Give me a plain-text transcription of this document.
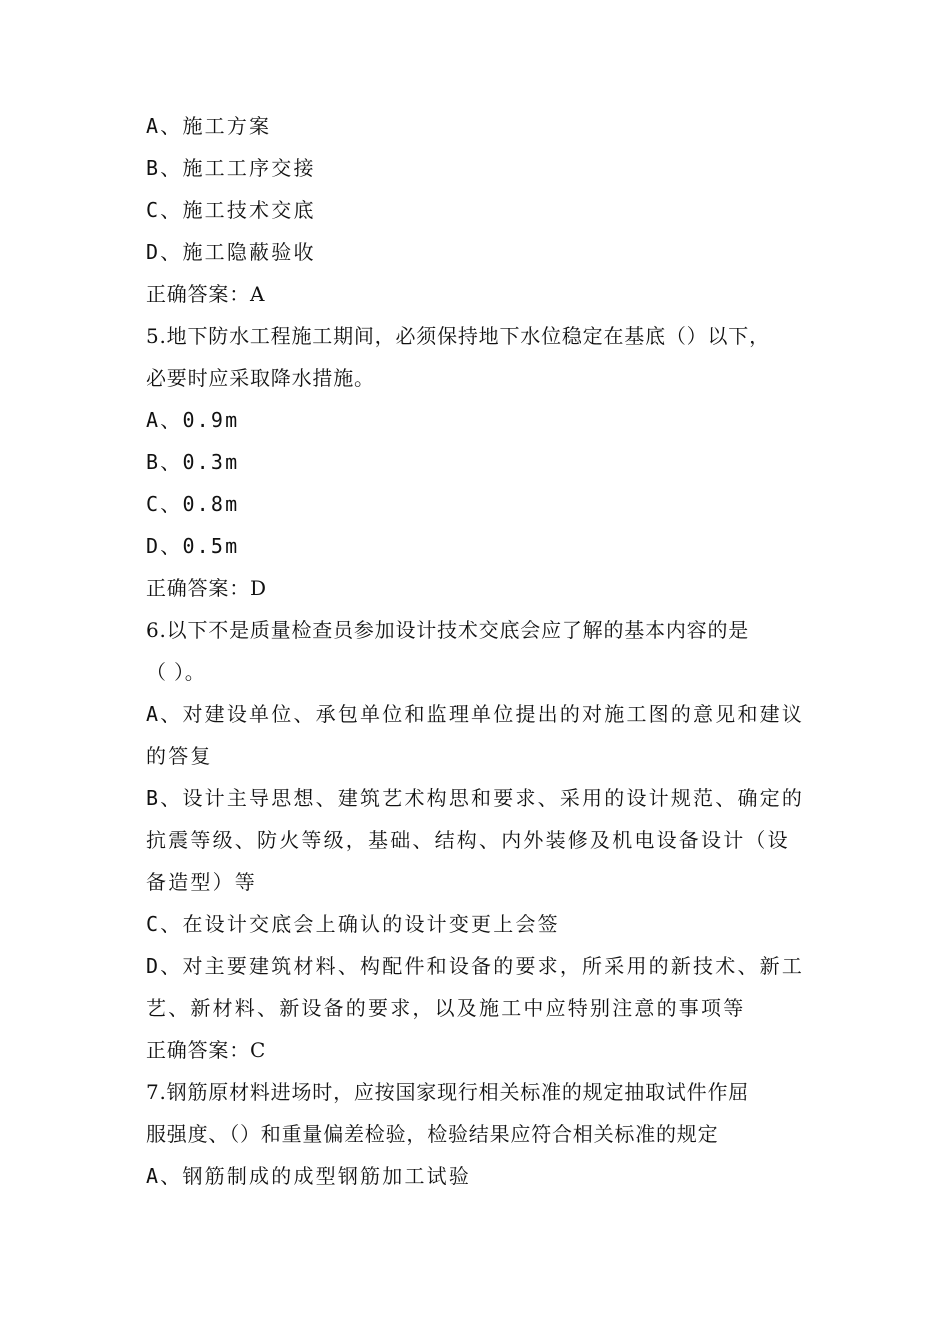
A、施工方案
B、施工工序交接
C、施工技术交底
D、施工隐蔽验收
正确答案：A
5.地下防水工程施工期间，必须保持地下水位稳定在基底（）以下，
必要时应采取降水措施。
A、0.9m
B、0.3m
C、0.8m
D、0.5m
正确答案：D
6.以下不是质量检查员参加设计技术交底会应了解的基本内容的是
（ ）。
A、对建设单位、承包单位和监理单位提出的对施工图的意见和建议
的答复
B、设计主导思想、建筑艺术构思和要求、采用的设计规范、确定的
抗震等级、防火等级，基础、结构、内外装修及机电设备设计（设
备造型）等
C、在设计交底会上确认的设计变更上会签
D、对主要建筑材料、构配件和设备的要求，所采用的新技术、新工
艺、新材料、新设备的要求，以及施工中应特别注意的事项等
正确答案：C
7.钢筋原材料进场时，应按国家现行相关标准的规定抽取试件作屈
服强度、（）和重量偏差检验，检验结果应符合相关标准的规定
A、钢筋制成的成型钢筋加工试验
